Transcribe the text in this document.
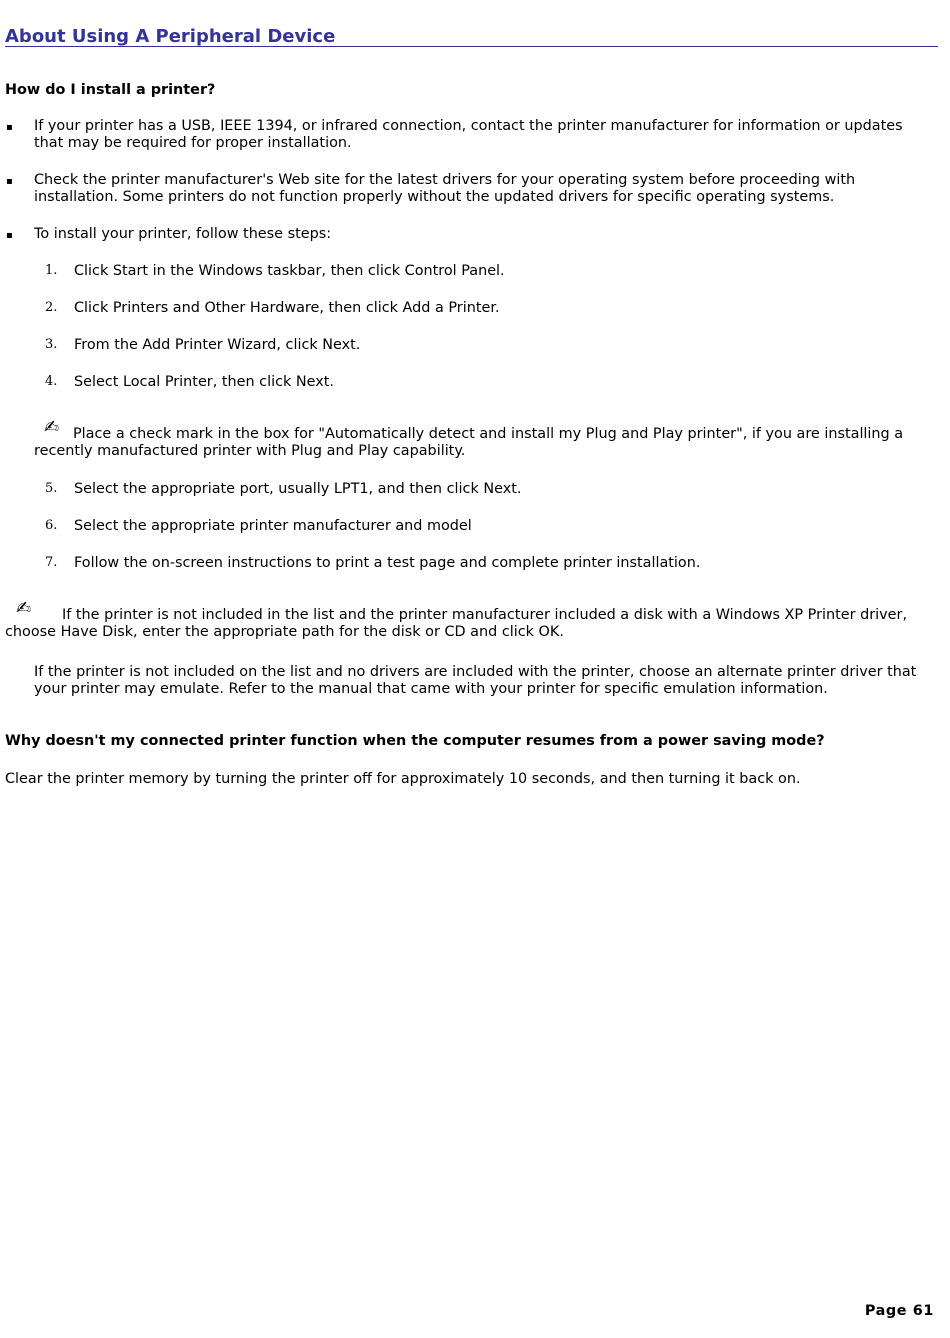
About Using A Peripheral Device
How do I install a printer?
▪ If your printer has a USB, IEEE 1394, or infrared connection, contact the printer manufacturer for information or updates that may be required for proper installation.
▪ Check the printer manufacturer's Web site for the latest drivers for your operating system before proceeding with installation. Some printers do not function properly without the updated drivers for specific operating systems.
▪ To install your printer, follow these steps:
1. Click Start in the Windows taskbar, then click Control Panel.
2. Click Printers and Other Hardware, then click Add a Printer.
3. From the Add Printer Wizard, click Next.
4. Select Local Printer, then click Next.
✍ Place a check mark in the box for "Automatically detect and install my Plug and Play printer", if you are installing a recently manufactured printer with Plug and Play capability.
5. Select the appropriate port, usually LPT1, and then click Next.
6. Select the appropriate printer manufacturer and model
7. Follow the on-screen instructions to print a test page and complete printer installation.
✍	If the printer is not included in the list and the printer manufacturer included a disk with a Windows XP Printer driver, choose Have Disk, enter the appropriate path for the disk or CD and click OK.
If the printer is not included on the list and no drivers are included with the printer, choose an alternate printer driver that your printer may emulate. Refer to the manual that came with your printer for specific emulation information.
Why doesn't my connected printer function when the computer resumes from a power saving mode?
Clear the printer memory by turning the printer off for approximately 10 seconds, and then turning it back on.
Page 61
